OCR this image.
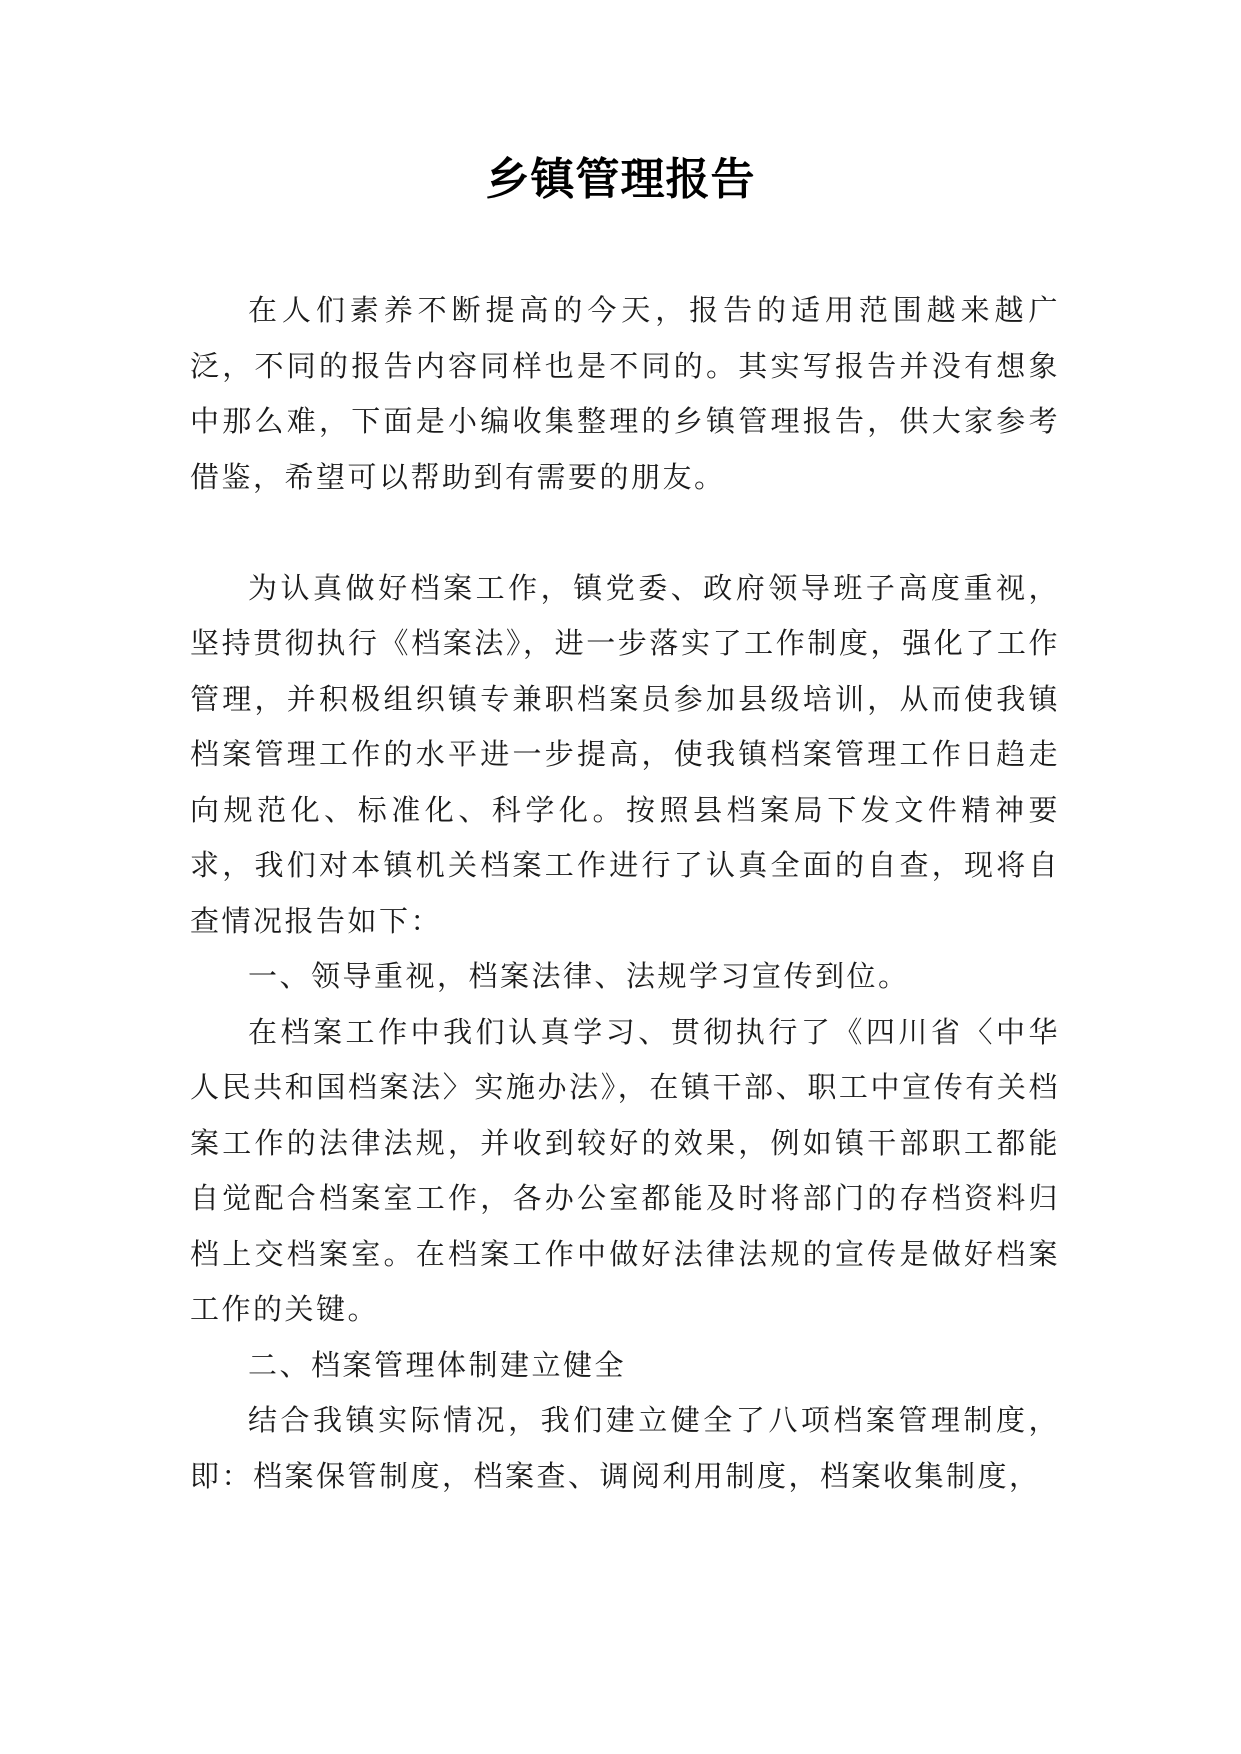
乡镇管理报告

在人们素养不断提高的今天，报告的适用范围越来越广泛，不同的报告内容同样也是不同的。其实写报告并没有想象中那么难，下面是小编收集整理的乡镇管理报告，供大家参考借鉴，希望可以帮助到有需要的朋友。

为认真做好档案工作，镇党委、政府领导班子高度重视，坚持贯彻执行《档案法》，进一步落实了工作制度，强化了工作管理，并积极组织镇专兼职档案员参加县级培训，从而使我镇档案管理工作的水平进一步提高，使我镇档案管理工作日趋走向规范化、标准化、科学化。按照县档案局下发文件精神要求，我们对本镇机关档案工作进行了认真全面的自查，现将自查情况报告如下：

一、领导重视，档案法律、法规学习宣传到位。

在档案工作中我们认真学习、贯彻执行了《四川省〈中华人民共和国档案法〉实施办法》，在镇干部、职工中宣传有关档案工作的法律法规，并收到较好的效果，例如镇干部职工都能自觉配合档案室工作，各办公室都能及时将部门的存档资料归档上交档案室。在档案工作中做好法律法规的宣传是做好档案工作的关键。

二、档案管理体制建立健全

结合我镇实际情况，我们建立健全了八项档案管理制度，即：档案保管制度，档案查、调阅利用制度，档案收集制度，
